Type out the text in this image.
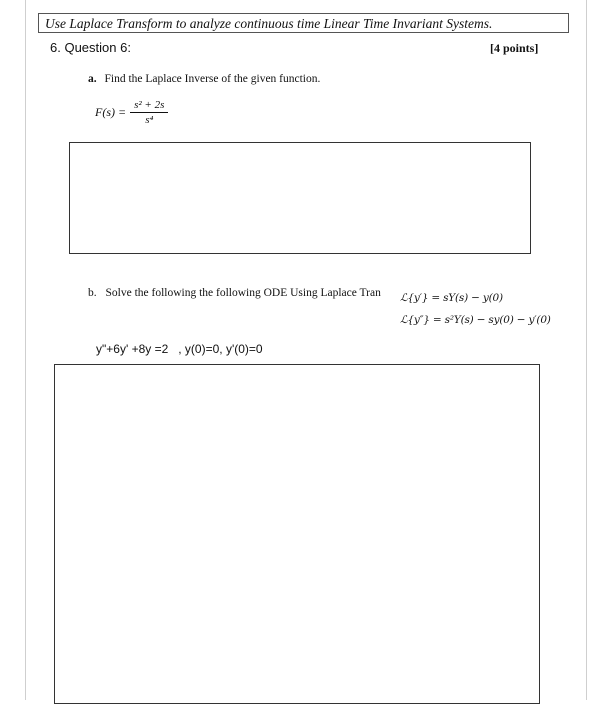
Use Laplace Transform to analyze continuous time Linear Time Invariant Systems.
6. Question 6:	[4 points]
a. Find the Laplace Inverse of the given function.
$F(s) = \frac{\text{s² + 2s}}{\text{s⁴}}$
b. Solve the following the following ODE Using Laplace Tran ℒ{y′} = sY(s) − y(0)
ℒ{y″} = s²Y(s) − sy(0) − y′(0)
y"+6y' +8y =2   , y(0)=0, y'(0)=0
